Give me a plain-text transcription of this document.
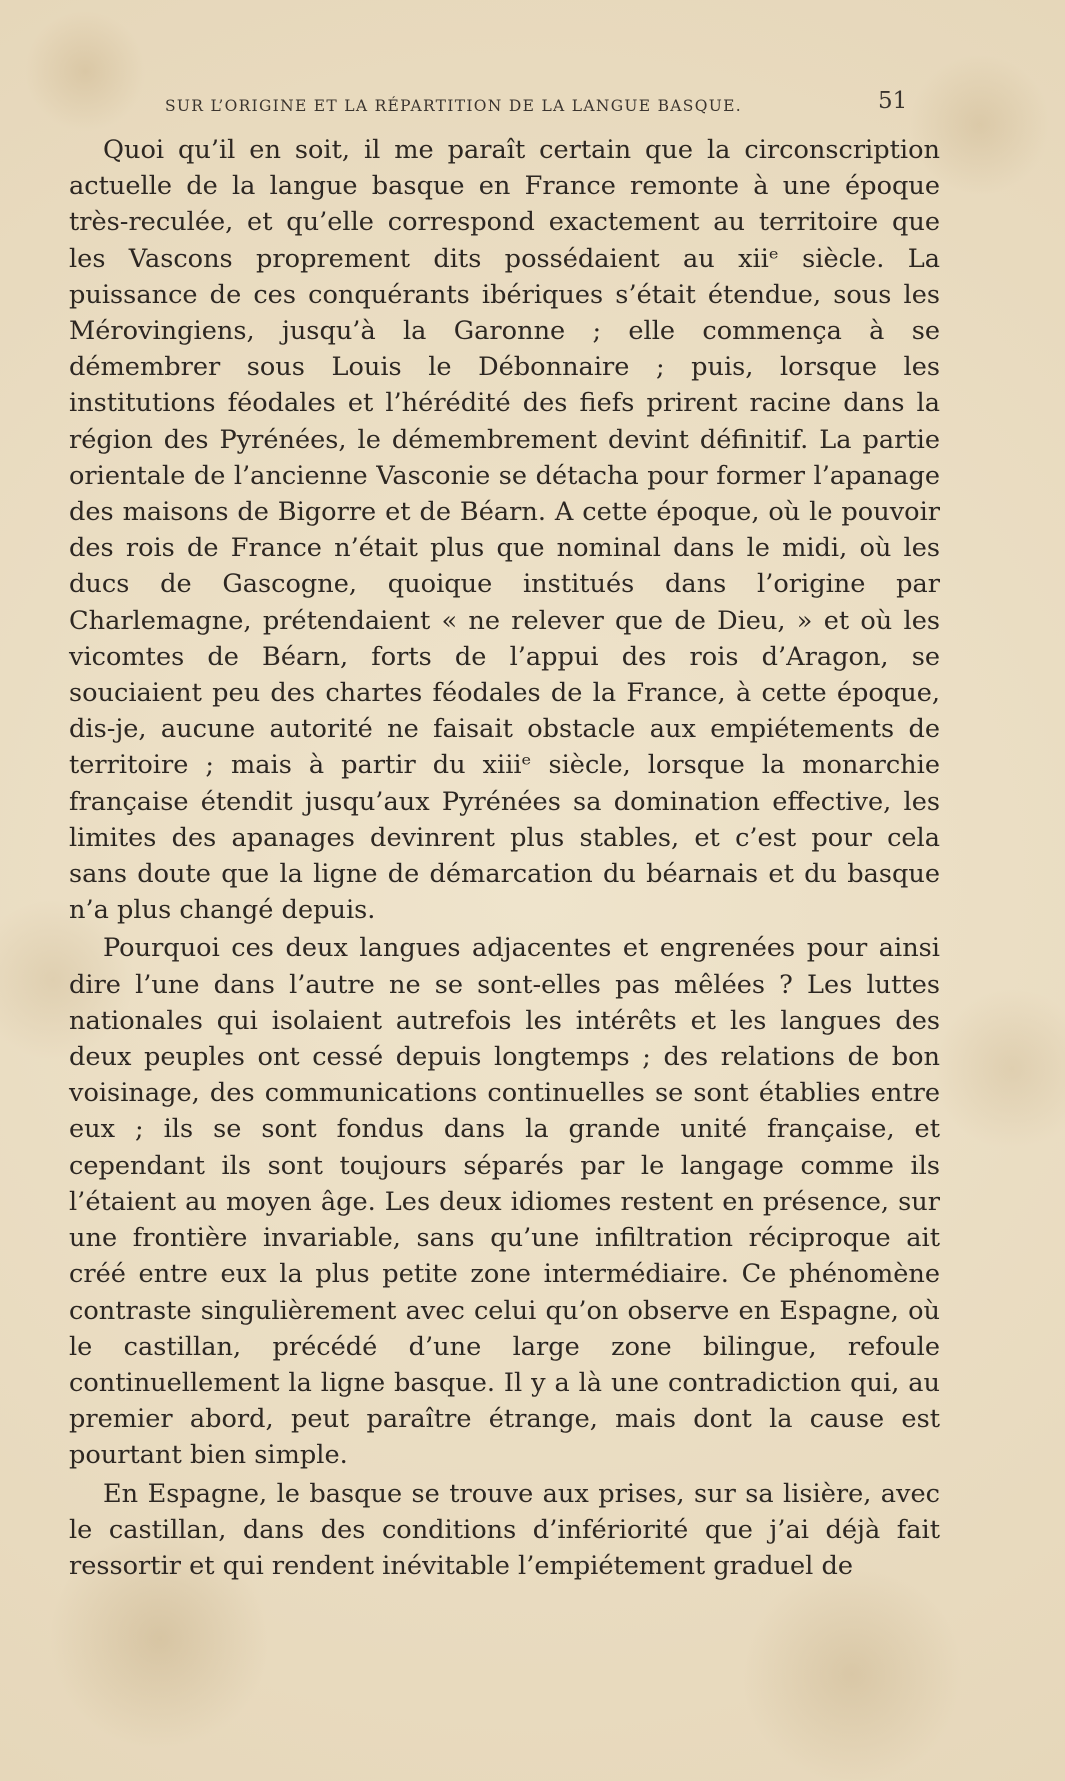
SUR L’ORIGINE ET LA RÉPARTITION DE LA LANGUE BASQUE.	51

Quoi qu’il en soit, il me paraît certain que la circonscription actuelle de la langue basque en France remonte à une époque très-reculée, et qu’elle correspond exactement au territoire que les Vascons proprement dits possédaient au xiiᵉ siècle. La puissance de ces conquérants ibériques s’était étendue, sous les Mérovingiens, jusqu’à la Garonne ; elle commença à se démembrer sous Louis le Débonnaire ; puis, lorsque les institutions féodales et l’hérédité des fiefs prirent racine dans la région des Pyrénées, le démembrement devint définitif. La partie orientale de l’ancienne Vasconie se détacha pour former l’apanage des maisons de Bigorre et de Béarn. A cette époque, où le pouvoir des rois de France n’était plus que nominal dans le midi, où les ducs de Gascogne, quoique institués dans l’origine par Charlemagne, prétendaient « ne relever que de Dieu, » et où les vicomtes de Béarn, forts de l’appui des rois d’Aragon, se souciaient peu des chartes féodales de la France, à cette époque, dis-je, aucune autorité ne faisait obstacle aux empiétements de territoire ; mais à partir du xiiiᵉ siècle, lorsque la monarchie française étendit jusqu’aux Pyrénées sa domination effective, les limites des apanages devinrent plus stables, et c’est pour cela sans doute que la ligne de démarcation du béarnais et du basque n’a plus changé depuis.

Pourquoi ces deux langues adjacentes et engrenées pour ainsi dire l’une dans l’autre ne se sont-elles pas mêlées ? Les luttes nationales qui isolaient autrefois les intérêts et les langues des deux peuples ont cessé depuis longtemps ; des relations de bon voisinage, des communications continuelles se sont établies entre eux ; ils se sont fondus dans la grande unité française, et cependant ils sont toujours séparés par le langage comme ils l’étaient au moyen âge. Les deux idiomes restent en présence, sur une frontière invariable, sans qu’une infiltration réciproque ait créé entre eux la plus petite zone intermédiaire. Ce phénomène contraste singulièrement avec celui qu’on observe en Espagne, où le castillan, précédé d’une large zone bilingue, refoule continuellement la ligne basque. Il y a là une contradiction qui, au premier abord, peut paraître étrange, mais dont la cause est pourtant bien simple.

En Espagne, le basque se trouve aux prises, sur sa lisière, avec le castillan, dans des conditions d’infériorité que j’ai déjà fait ressortir et qui rendent inévitable l’empiétement graduel de
